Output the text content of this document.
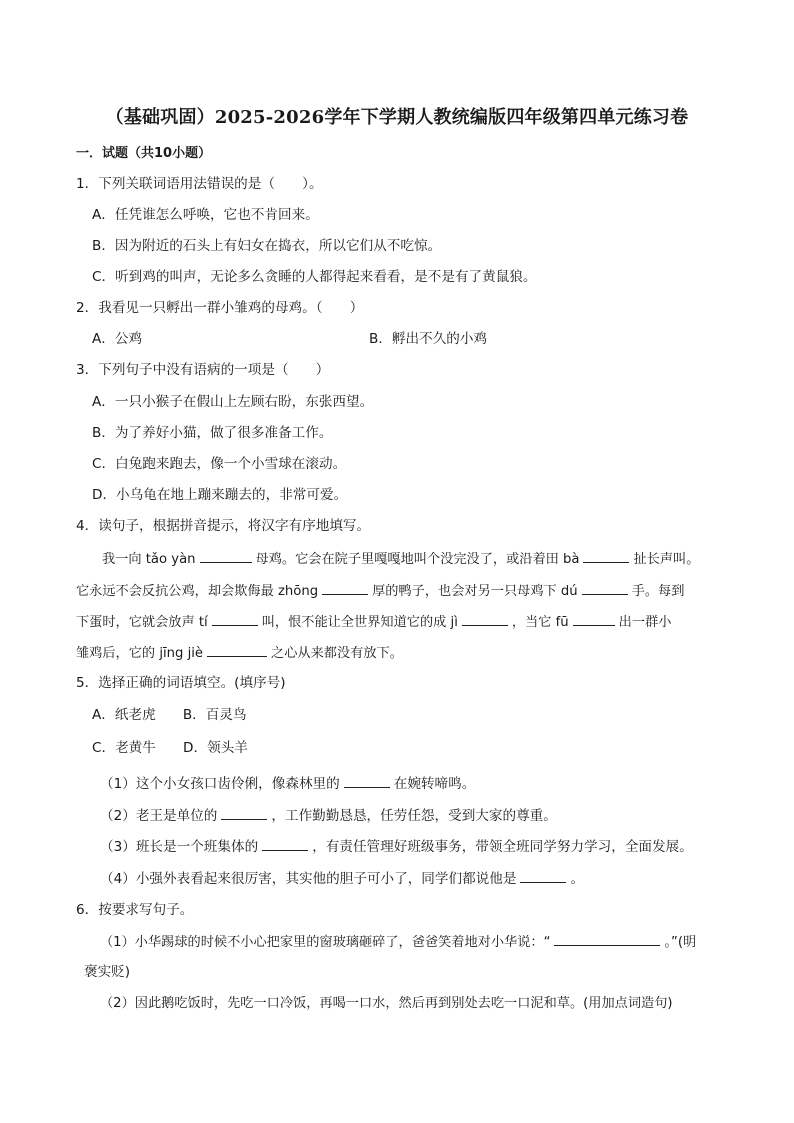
（基础巩固）2025-2026学年下学期人教统编版四年级第四单元练习卷
一．试题（共10小题）
1．下列关联词语用法错误的是（　　）。
A．任凭谁怎么呼唤，它也不肯回来。
B．因为附近的石头上有妇女在捣衣，所以它们从不吃惊。
C．听到鸡的叫声，无论多么贪睡的人都得起来看看，是不是有了黄鼠狼。
2．我看见一只孵出一群小雏鸡的母鸡。（　　）
A．公鸡	B．孵出不久的小鸡
3．下列句子中没有语病的一项是（　　）
A．一只小猴子在假山上左顾右盼，东张西望。
B．为了养好小猫，做了很多准备工作。
C．白兔跑来跑去，像一个小雪球在滚动。
D．小乌龟在地上蹦来蹦去的，非常可爱。
4．读句子，根据拼音提示，将汉字有序地填写。
我一向 tǎo yàn	母鸡。它会在院子里嘎嘎地叫个没完没了，或沿着田 bà	扯长声叫。
它永远不会反抗公鸡，却会欺侮最 zhōng	厚的鸭子，也会对另一只母鸡下 dú	手。每到
下蛋时，它就会放声 tí	叫，恨不能让全世界知道它的成 jì	，当它 fū	出一群小
雏鸡后，它的 jīng jiè	之心从来都没有放下。
5．选择正确的词语填空。(填序号)
A．纸老虎　　B．百灵鸟
C．老黄牛　　D．领头羊
（1）这个小女孩口齿伶俐，像森林里的	在婉转啼鸣。
（2）老王是单位的	，工作勤勤恳恳，任劳任怨，受到大家的尊重。
（3）班长是一个班集体的	，有责任管理好班级事务，带领全班同学努力学习，全面发展。
（4）小强外表看起来很厉害，其实他的胆子可小了，同学们都说他是	。
6．按要求写句子。
（1）小华踢球的时候不小心把家里的窗玻璃砸碎了，爸爸笑着地对小华说：“	。”(明
褒实贬)
（2）因此鹅吃饭时，先吃一口冷饭，再喝一口水，然后再到别处去吃一口泥和草。(用加点词造句)
